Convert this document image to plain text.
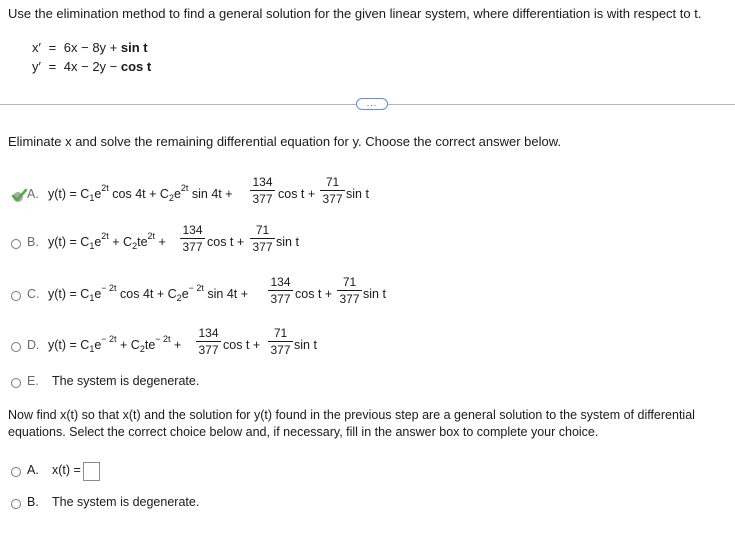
Use the elimination method to find a general solution for the given linear system, where differentiation is with respect to t.
x′ = 6x − 8y + sin t
y′ = 4x − 2y − cos t
...
Eliminate x and solve the remaining differential equation for y. Choose the correct answer below.
A. $y(t) = C_1e^{2t}$ $\cos 4t + C_2e^{2t}$ sin 4t +
134
377 cos t +
71
377 sin t
B. $y(t) = C_1e^{2t} + C_2te^{2t}$ +
134
377 cos t +
71
377 sin t
C. $y(t) = C_1e^{- 2t}$ $\cos 4t + C_2e^{- 2t}$ sin 4t +
134
377 cos t +
71
377 sin t
D. $y(t) = C_1e^{- 2t} + C_2te^{- 2t}$ +
134
377 cos t +
71
377 sin t
E. The system is degenerate.
Now find x(t) so that x(t) and the solution for y(t) found in the previous step are a general solution to the system of differential
equations. Select the correct choice below and, if necessary, fill in the answer box to complete your choice.
A. x(t) =
B. The system is degenerate.
